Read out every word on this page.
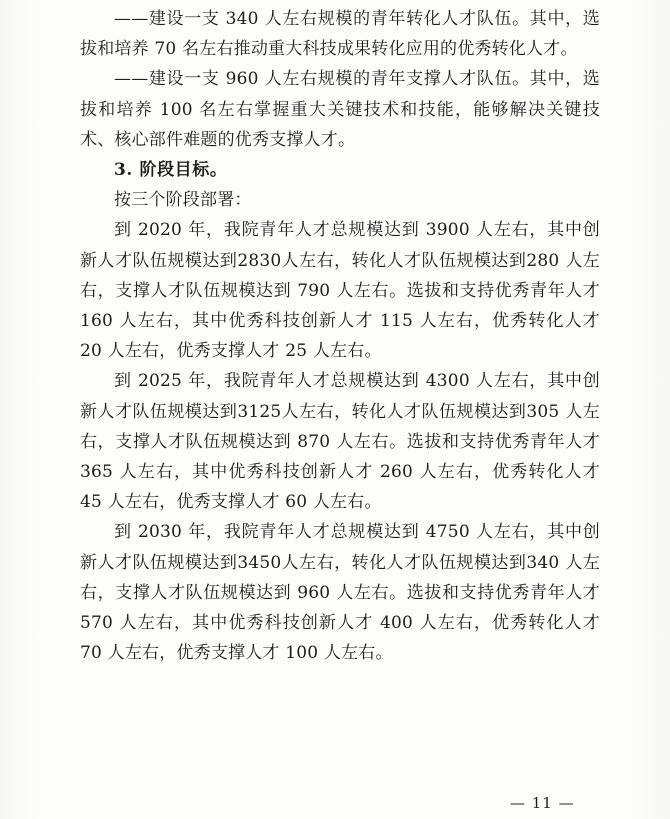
——建设一支 340 人左右规模的青年转化人才队伍。其中，选拔和培养 70 名左右推动重大科技成果转化应用的优秀转化人才。

——建设一支 960 人左右规模的青年支撑人才队伍。其中，选拔和培养 100 名左右掌握重大关键技术和技能，能够解决关键技术、核心部件难题的优秀支撑人才。

3. 阶段目标。

按三个阶段部署：

到 2020 年，我院青年人才总规模达到 3900 人左右，其中创新人才队伍规模达到2830人左右，转化人才队伍规模达到280 人左右，支撑人才队伍规模达到 790 人左右。选拔和支持优秀青年人才 160 人左右，其中优秀科技创新人才 115 人左右，优秀转化人才 20 人左右，优秀支撑人才 25 人左右。

到 2025 年，我院青年人才总规模达到 4300 人左右，其中创新人才队伍规模达到3125人左右，转化人才队伍规模达到305 人左右，支撑人才队伍规模达到 870 人左右。选拔和支持优秀青年人才 365 人左右，其中优秀科技创新人才 260 人左右，优秀转化人才 45 人左右，优秀支撑人才 60 人左右。

到 2030 年，我院青年人才总规模达到 4750 人左右，其中创新人才队伍规模达到3450人左右，转化人才队伍规模达到340 人左右，支撑人才队伍规模达到 960 人左右。选拔和支持优秀青年人才 570 人左右，其中优秀科技创新人才 400 人左右，优秀转化人才 70 人左右，优秀支撑人才 100 人左右。

— 11 —
